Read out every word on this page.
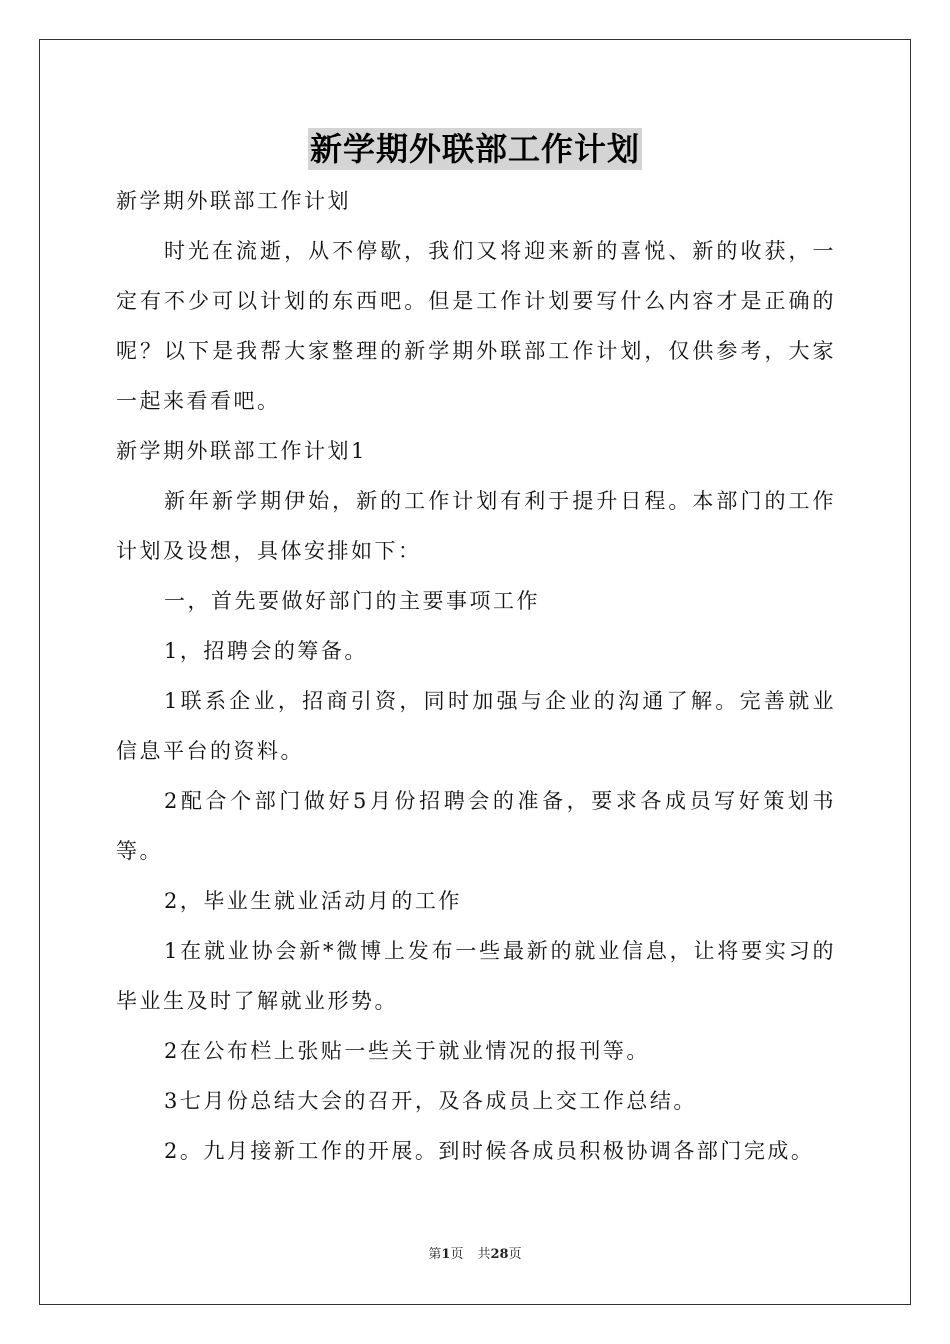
新学期外联部工作计划

新学期外联部工作计划

时光在流逝，从不停歇，我们又将迎来新的喜悦、新的收获，一定有不少可以计划的东西吧。但是工作计划要写什么内容才是正确的呢？以下是我帮大家整理的新学期外联部工作计划，仅供参考，大家一起来看看吧。

新学期外联部工作计划1

新年新学期伊始，新的工作计划有利于提升日程。本部门的工作计划及设想，具体安排如下：

一，首先要做好部门的主要事项工作

1，招聘会的筹备。

1联系企业，招商引资，同时加强与企业的沟通了解。完善就业信息平台的资料。

2配合个部门做好5月份招聘会的准备，要求各成员写好策划书等。

2，毕业生就业活动月的工作

1在就业协会新*微博上发布一些最新的就业信息，让将要实习的毕业生及时了解就业形势。

2在公布栏上张贴一些关于就业情况的报刊等。

3七月份总结大会的召开，及各成员上交工作总结。

2。九月接新工作的开展。到时候各成员积极协调各部门完成。

第1页 共28页
